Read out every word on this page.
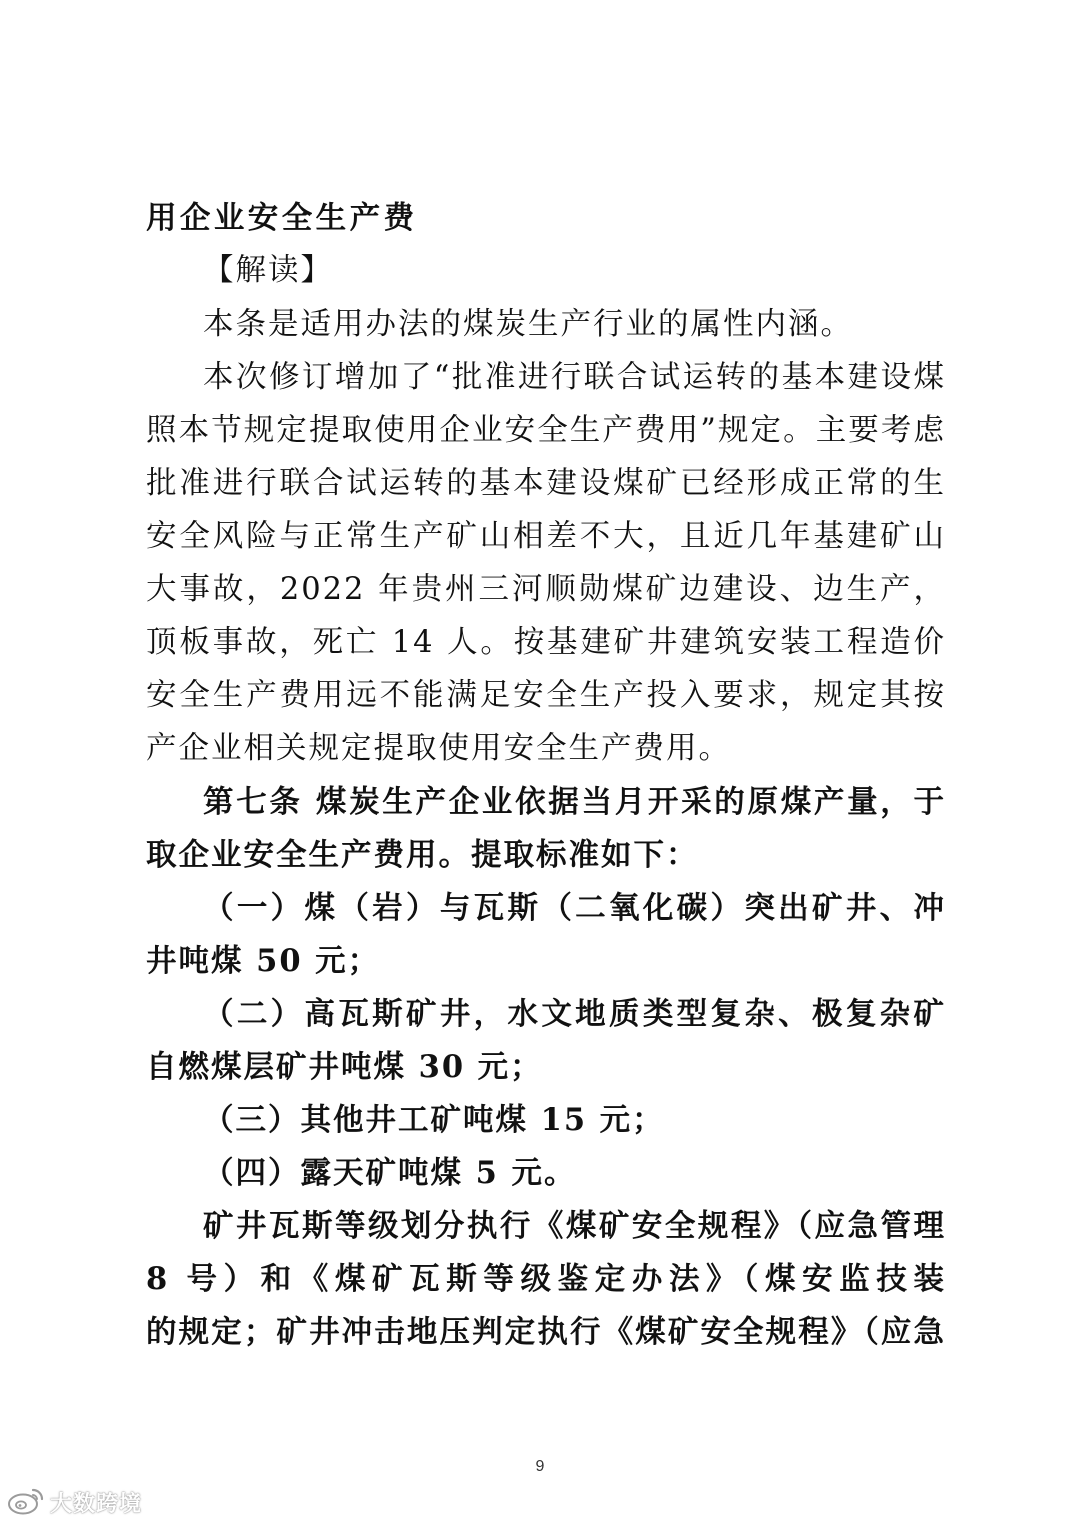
用企业安全生产费
【解读】
本条是适用办法的煤炭生产行业的属性内涵。
本次修订增加了“批准进行联合试运转的基本建设煤
照本节规定提取使用企业安全生产费用”规定。主要考虑
批准进行联合试运转的基本建设煤矿已经形成正常的生
安全风险与正常生产矿山相差不大，且近几年基建矿山
大事故，2022 年贵州三河顺勋煤矿边建设、边生产，
顶板事故，死亡 14 人。按基建矿井建筑安装工程造价
安全生产费用远不能满足安全生产投入要求，规定其按
产企业相关规定提取使用安全生产费用。
第七条 煤炭生产企业依据当月开采的原煤产量，于
取企业安全生产费用。提取标准如下：
（一）煤（岩）与瓦斯（二氧化碳）突出矿井、冲
井吨煤 50 元；
（二）高瓦斯矿井，水文地质类型复杂、极复杂矿
自燃煤层矿井吨煤 30 元；
（三）其他井工矿吨煤 15 元；
（四）露天矿吨煤 5 元。
矿井瓦斯等级划分执行《煤矿安全规程》（应急管理
8 号）和《煤矿瓦斯等级鉴定办法》（煤安监技装
的规定；矿井冲击地压判定执行《煤矿安全规程》（应急
9
大数跨境
